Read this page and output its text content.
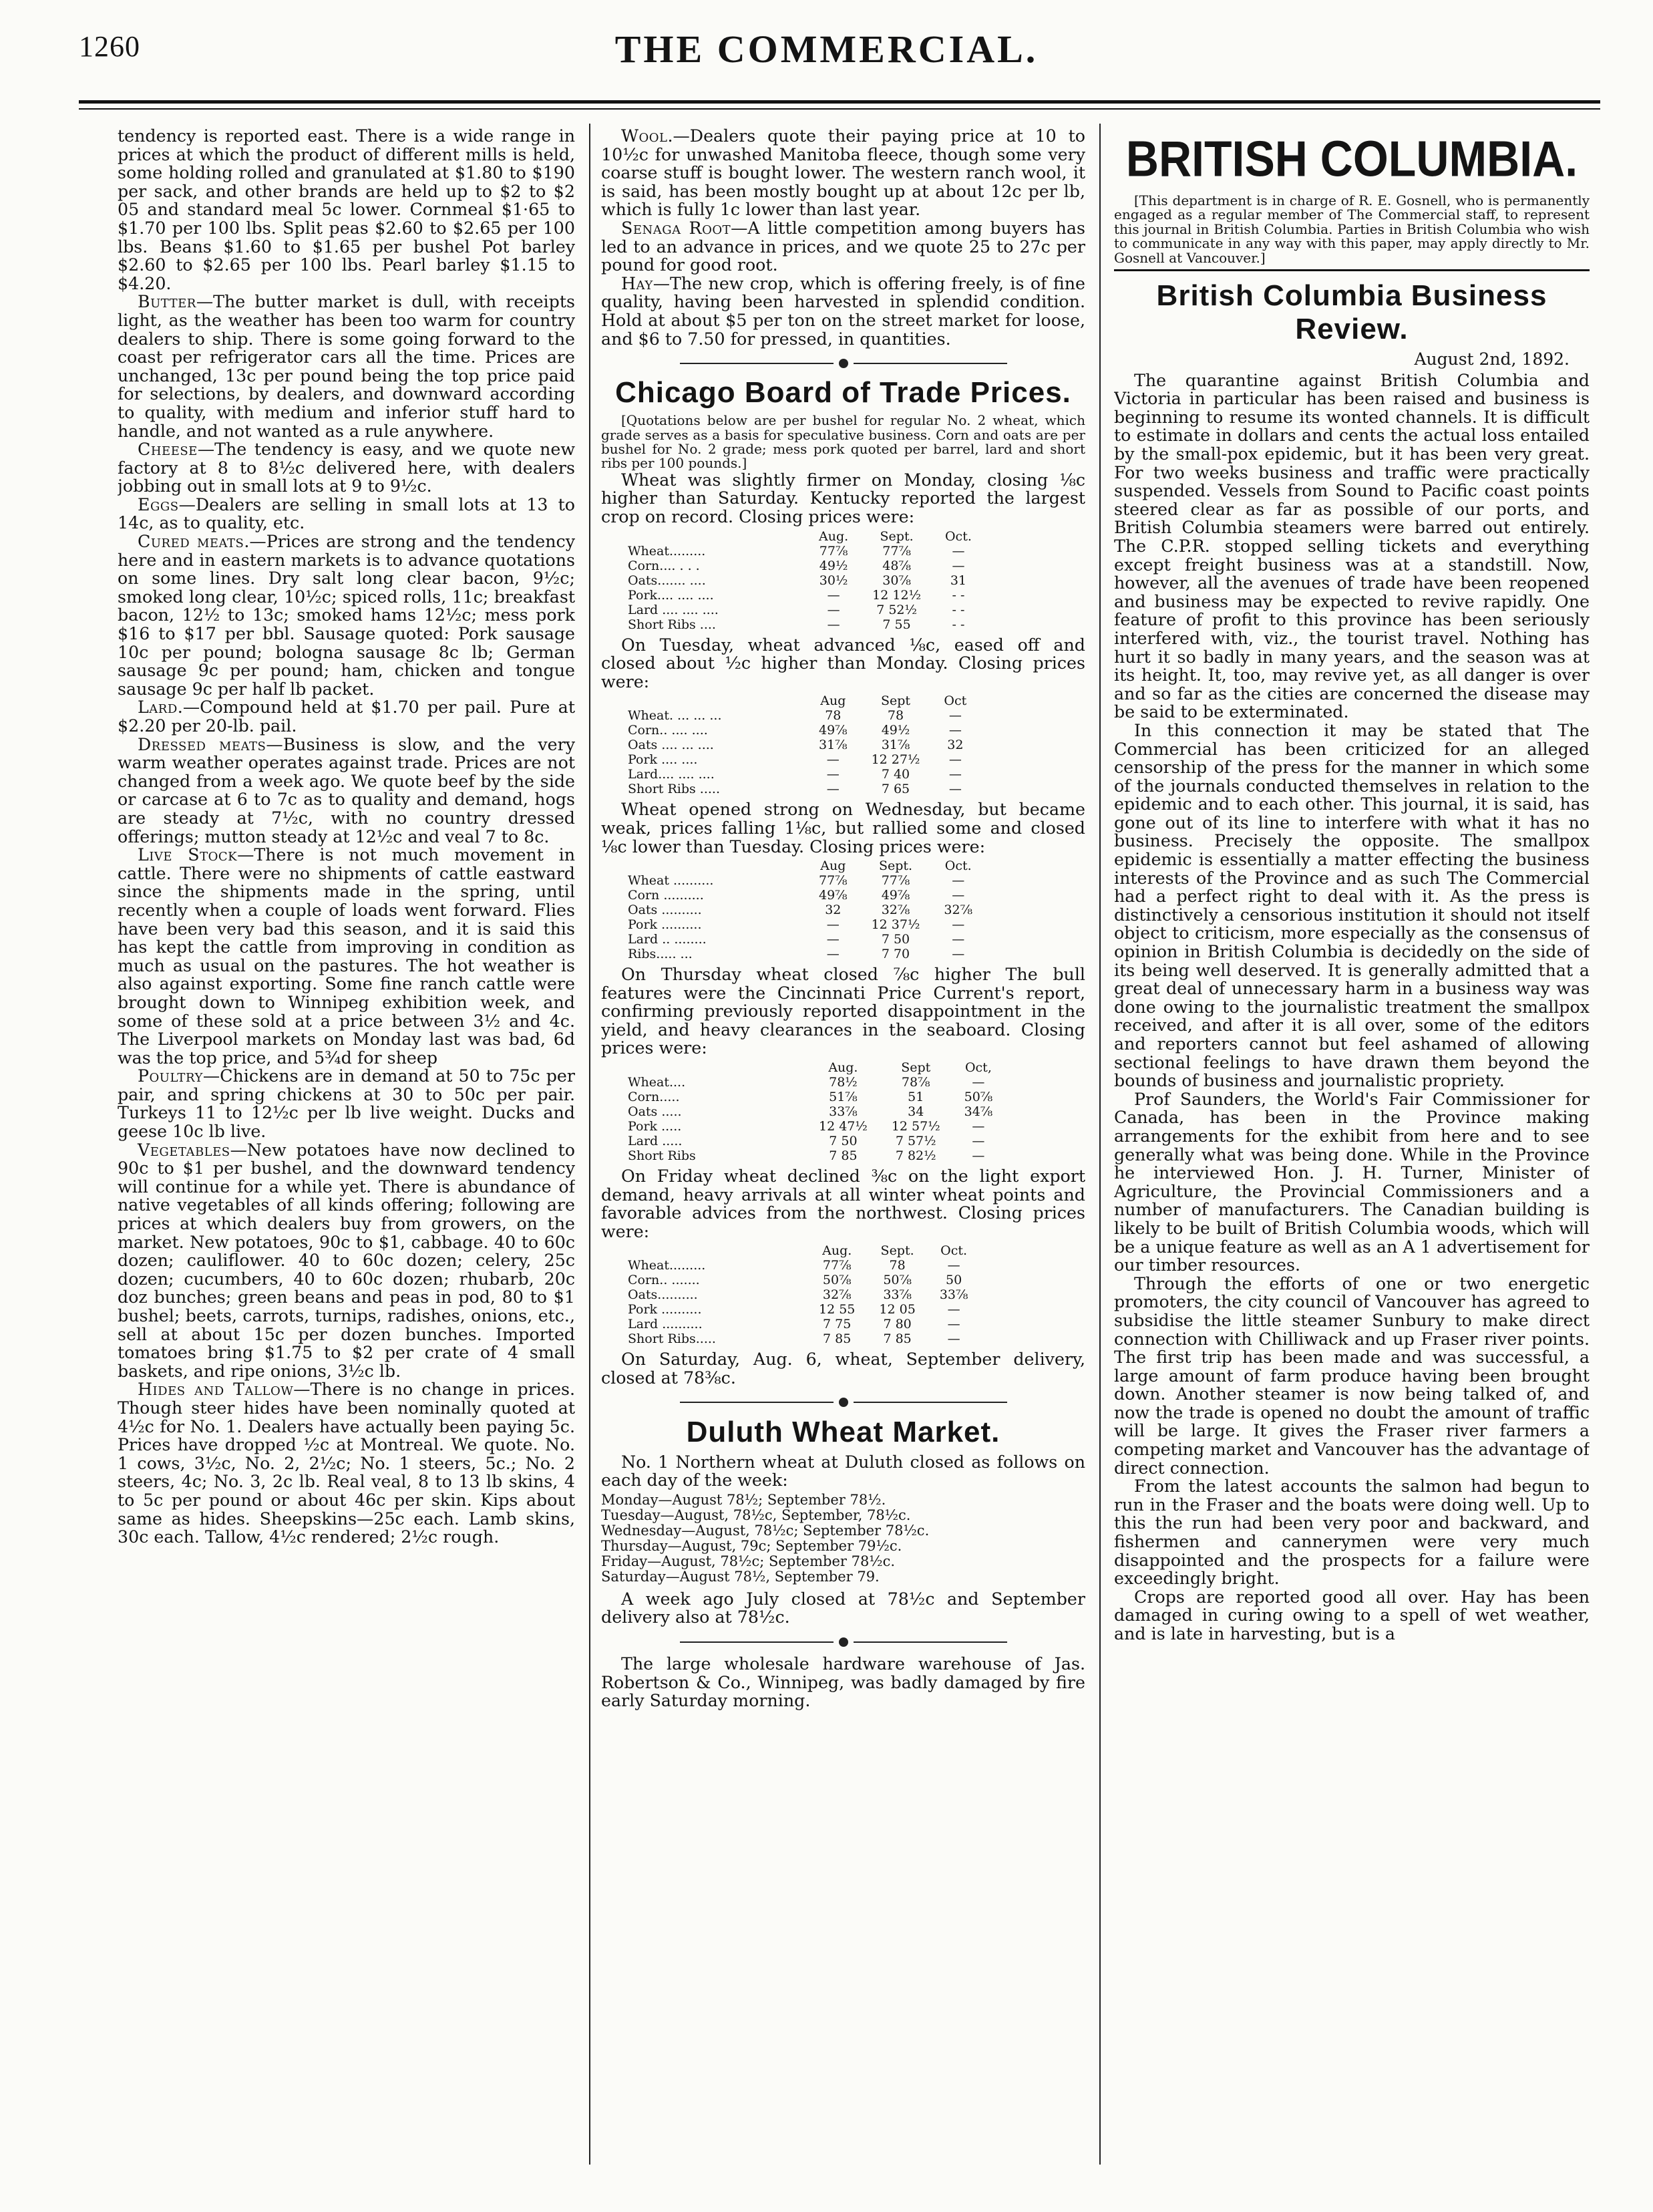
1260	THE COMMERCIAL.

tendency is reported east. There is a wide range in prices at which the product of different mills is held, some holding rolled and granulated at $1.80 to $190 per sack, and other brands are held up to $2 to $2 05 and standard meal 5c lower. Cornmeal $1·65 to $1.70 per 100 lbs. Split peas $2.60 to $2.65 per 100 lbs. Beans $1.60 to $1.65 per bushel Pot barley $2.60 to $2.65 per 100 lbs. Pearl barley $1.15 to $4.20.

Butter—The butter market is dull, with receipts light, as the weather has been too warm for country dealers to ship. There is some going forward to the coast per refrigerator cars all the time. Prices are unchanged, 13c per pound being the top price paid for selections, by dealers, and downward according to quality, with medium and inferior stuff hard to handle, and not wanted as a rule anywhere.

Cheese—The tendency is easy, and we quote new factory at 8 to 8½c delivered here, with dealers jobbing out in small lots at 9 to 9½c.

Eggs—Dealers are selling in small lots at 13 to 14c, as to quality, etc.

Cured meats.—Prices are strong and the tendency here and in eastern markets is to advance quotations on some lines. Dry salt long clear bacon, 9½c; smoked long clear, 10½c; spiced rolls, 11c; breakfast bacon, 12½ to 13c; smoked hams 12½c; mess pork $16 to $17 per bbl. Sausage quoted: Pork sausage 10c per pound; bologna sausage 8c lb; German sausage 9c per pound; ham, chicken and tongue sausage 9c per half lb packet.

Lard.—Compound held at $1.70 per pail. Pure at $2.20 per 20-lb. pail.

Dressed meats—Business is slow, and the very warm weather operates against trade. Prices are not changed from a week ago. We quote beef by the side or carcase at 6 to 7c as to quality and demand, hogs are steady at 7½c, with no country dressed offerings; mutton steady at 12½c and veal 7 to 8c.

Live Stock—There is not much movement in cattle. There were no shipments of cattle eastward since the shipments made in the spring, until recently when a couple of loads went forward. Flies have been very bad this season, and it is said this has kept the cattle from improving in condition as much as usual on the pastures. The hot weather is also against exporting. Some fine ranch cattle were brought down to Winnipeg exhibition week, and some of these sold at a price between 3½ and 4c. The Liverpool markets on Monday last was bad, 6d was the top price, and 5¾d for sheep

Poultry—Chickens are in demand at 50 to 75c per pair, and spring chickens at 30 to 50c per pair. Turkeys 11 to 12½c per lb live weight. Ducks and geese 10c lb live.

Vegetables—New potatoes have now declined to 90c to $1 per bushel, and the downward tendency will continue for a while yet. There is abundance of native vegetables of all kinds offering; following are prices at which dealers buy from growers, on the market. New potatoes, 90c to $1, cabbage. 40 to 60c dozen; cauliflower. 40 to 60c dozen; celery, 25c dozen; cucumbers, 40 to 60c dozen; rhubarb, 20c doz bunches; green beans and peas in pod, 80 to $1 bushel; beets, carrots, turnips, radishes, onions, etc., sell at about 15c per dozen bunches. Imported tomatoes bring $1.75 to $2 per crate of 4 small baskets, and ripe onions, 3½c lb.

Hides and Tallow—There is no change in prices. Though steer hides have been nominally quoted at 4½c for No. 1. Dealers have actually been paying 5c. Prices have dropped ½c at Montreal. We quote. No. 1 cows, 3½c, No. 2, 2½c; No. 1 steers, 5c.; No. 2 steers, 4c; No. 3, 2c lb. Real veal, 8 to 13 lb skins, 4 to 5c per pound or about 46c per skin. Kips about same as hides. Sheepskins—25c each. Lamb skins, 30c each. Tallow, 4½c rendered; 2½c rough.

Wool.—Dealers quote their paying price at 10 to 10½c for unwashed Manitoba fleece, though some very coarse stuff is bought lower. The western ranch wool, it is said, has been mostly bought up at about 12c per lb, which is fully 1c lower than last year.

Senaga Root—A little competition among buyers has led to an advance in prices, and we quote 25 to 27c per pound for good root.

Hay—The new crop, which is offering freely, is of fine quality, having been harvested in splendid condition. Hold at about $5 per ton on the street market for loose, and $6 to 7.50 for pressed, in quantities.

Chicago Board of Trade Prices.

[Quotations below are per bushel for regular No. 2 wheat, which grade serves as a basis for speculative business. Corn and oats are per bushel for No. 2 grade; mess pork quoted per barrel, lard and short ribs per 100 pounds.]

Wheat was slightly firmer on Monday, closing ⅛c higher than Saturday. Kentucky reported the largest crop on record. Closing prices were:

	Aug.	Sept.	Oct.
Wheat.........	77⅞	77⅞	—
Corn.... . . .	49½	48⅞	—
Oats....... ....	30½	30⅞	31
Pork.... .... ....	—	12 12½	- -
Lard .... .... ....	—	7 52½	- -
Short Ribs ....	—	7 55	- -

On Tuesday, wheat advanced ⅛c, eased off and closed about ½c higher than Monday. Closing prices were:

	Aug	Sept	Oct
Wheat. ... ... ...	78	78	—
Corn.. .... ....	49⅞	49½	—
Oats .... ... ....	31⅞	31⅞	32
Pork .... ....	—	12 27½	—
Lard.... .... ....	—	7 40	—
Short Ribs .....	—	7 65	—

Wheat opened strong on Wednesday, but became weak, prices falling 1⅛c, but rallied some and closed ⅛c lower than Tuesday. Closing prices were:

	Aug	Sept.	Oct.
Wheat ..........	77⅞	77⅞	—
Corn ..........	49⅞	49⅞	—
Oats ..........	32	32⅞	32⅞
Pork ..........	—	12 37½	—
Lard .. ........	—	7 50	—
Ribs..... ...	—	7 70	—

On Thursday wheat closed ⅞c higher The bull features were the Cincinnati Price Current's report, confirming previously reported disappointment in the yield, and heavy clearances in the seaboard. Closing prices were:

	Aug.	Sept	Oct,
Wheat....	78½	78⅞	—
Corn.....	51⅞	51	50⅞
Oats .....	33⅞	34	34⅞
Pork .....	12 47½	12 57½	—
Lard .....	7 50	7 57½	—
Short Ribs	7 85	7 82½	—

On Friday wheat declined ⅜c on the light export demand, heavy arrivals at all winter wheat points and favorable advices from the northwest. Closing prices were:

	Aug.	Sept.	Oct.
Wheat.........	77⅞	78	—
Corn.. .......	50⅞	50⅞	50
Oats..........	32⅞	33⅞	33⅞
Pork ..........	12 55	12 05	—
Lard ..........	7 75	7 80	—
Short Ribs.....	7 85	7 85	—

On Saturday, Aug. 6, wheat, September delivery, closed at 78⅜c.

Duluth Wheat Market.

No. 1 Northern wheat at Duluth closed as follows on each day of the week:

Monday—August 78½; September 78½.
Tuesday—August, 78½c, September, 78½c.
Wednesday—August, 78½c; September 78½c.
Thursday—August, 79c; September 79½c.
Friday—August, 78½c; September 78½c.
Saturday—August 78½, September 79.

A week ago July closed at 78½c and September delivery also at 78½c.

The large wholesale hardware warehouse of Jas. Robertson & Co., Winnipeg, was badly damaged by fire early Saturday morning.

BRITISH COLUMBIA.

[This department is in charge of R. E. Gosnell, who is permanently engaged as a regular member of The Commercial staff, to represent this journal in British Columbia. Parties in British Columbia who wish to communicate in any way with this paper, may apply directly to Mr. Gosnell at Vancouver.]

British Columbia Business Review.
August 2nd, 1892.

The quarantine against British Columbia and Victoria in particular has been raised and business is beginning to resume its wonted channels. It is difficult to estimate in dollars and cents the actual loss entailed by the small-pox epidemic, but it has been very great. For two weeks business and traffic were practically suspended. Vessels from Sound to Pacific coast points steered clear as far as possible of our ports, and British Columbia steamers were barred out entirely. The C.P.R. stopped selling tickets and everything except freight business was at a standstill. Now, however, all the avenues of trade have been reopened and business may be expected to revive rapidly. One feature of profit to this province has been seriously interfered with, viz., the tourist travel. Nothing has hurt it so badly in many years, and the season was at its height. It, too, may revive yet, as all danger is over and so far as the cities are concerned the disease may be said to be exterminated.

In this connection it may be stated that The Commercial has been criticized for an alleged censorship of the press for the manner in which some of the journals conducted themselves in relation to the epidemic and to each other. This journal, it is said, has gone out of its line to interfere with what it has no business. Precisely the opposite. The smallpox epidemic is essentially a matter effecting the business interests of the Province and as such The Commercial had a perfect right to deal with it. As the press is distinctively a censorious institution it should not itself object to criticism, more especially as the consensus of opinion in British Columbia is decidedly on the side of its being well deserved. It is generally admitted that a great deal of unnecessary harm in a business way was done owing to the journalistic treatment the smallpox received, and after it is all over, some of the editors and reporters cannot but feel ashamed of allowing sectional feelings to have drawn them beyond the bounds of business and journalistic propriety.

Prof Saunders, the World's Fair Commissioner for Canada, has been in the Province making arrangements for the exhibit from here and to see generally what was being done. While in the Province he interviewed Hon. J. H. Turner, Minister of Agriculture, the Provincial Commissioners and a number of manufacturers. The Canadian building is likely to be built of British Columbia woods, which will be a unique feature as well as an A 1 advertisement for our timber resources.

Through the efforts of one or two energetic promoters, the city council of Vancouver has agreed to subsidise the little steamer Sunbury to make direct connection with Chilliwack and up Fraser river points. The first trip has been made and was successful, a large amount of farm produce having been brought down. Another steamer is now being talked of, and now the trade is opened no doubt the amount of traffic will be large. It gives the Fraser river farmers a competing market and Vancouver has the advantage of direct connection.

From the latest accounts the salmon had begun to run in the Fraser and the boats were doing well. Up to this the run had been very poor and backward, and fishermen and cannerymen were very much disappointed and the prospects for a failure were exceedingly bright.

Crops are reported good all over. Hay has been damaged in curing owing to a spell of wet weather, and is late in harvesting, but is a
